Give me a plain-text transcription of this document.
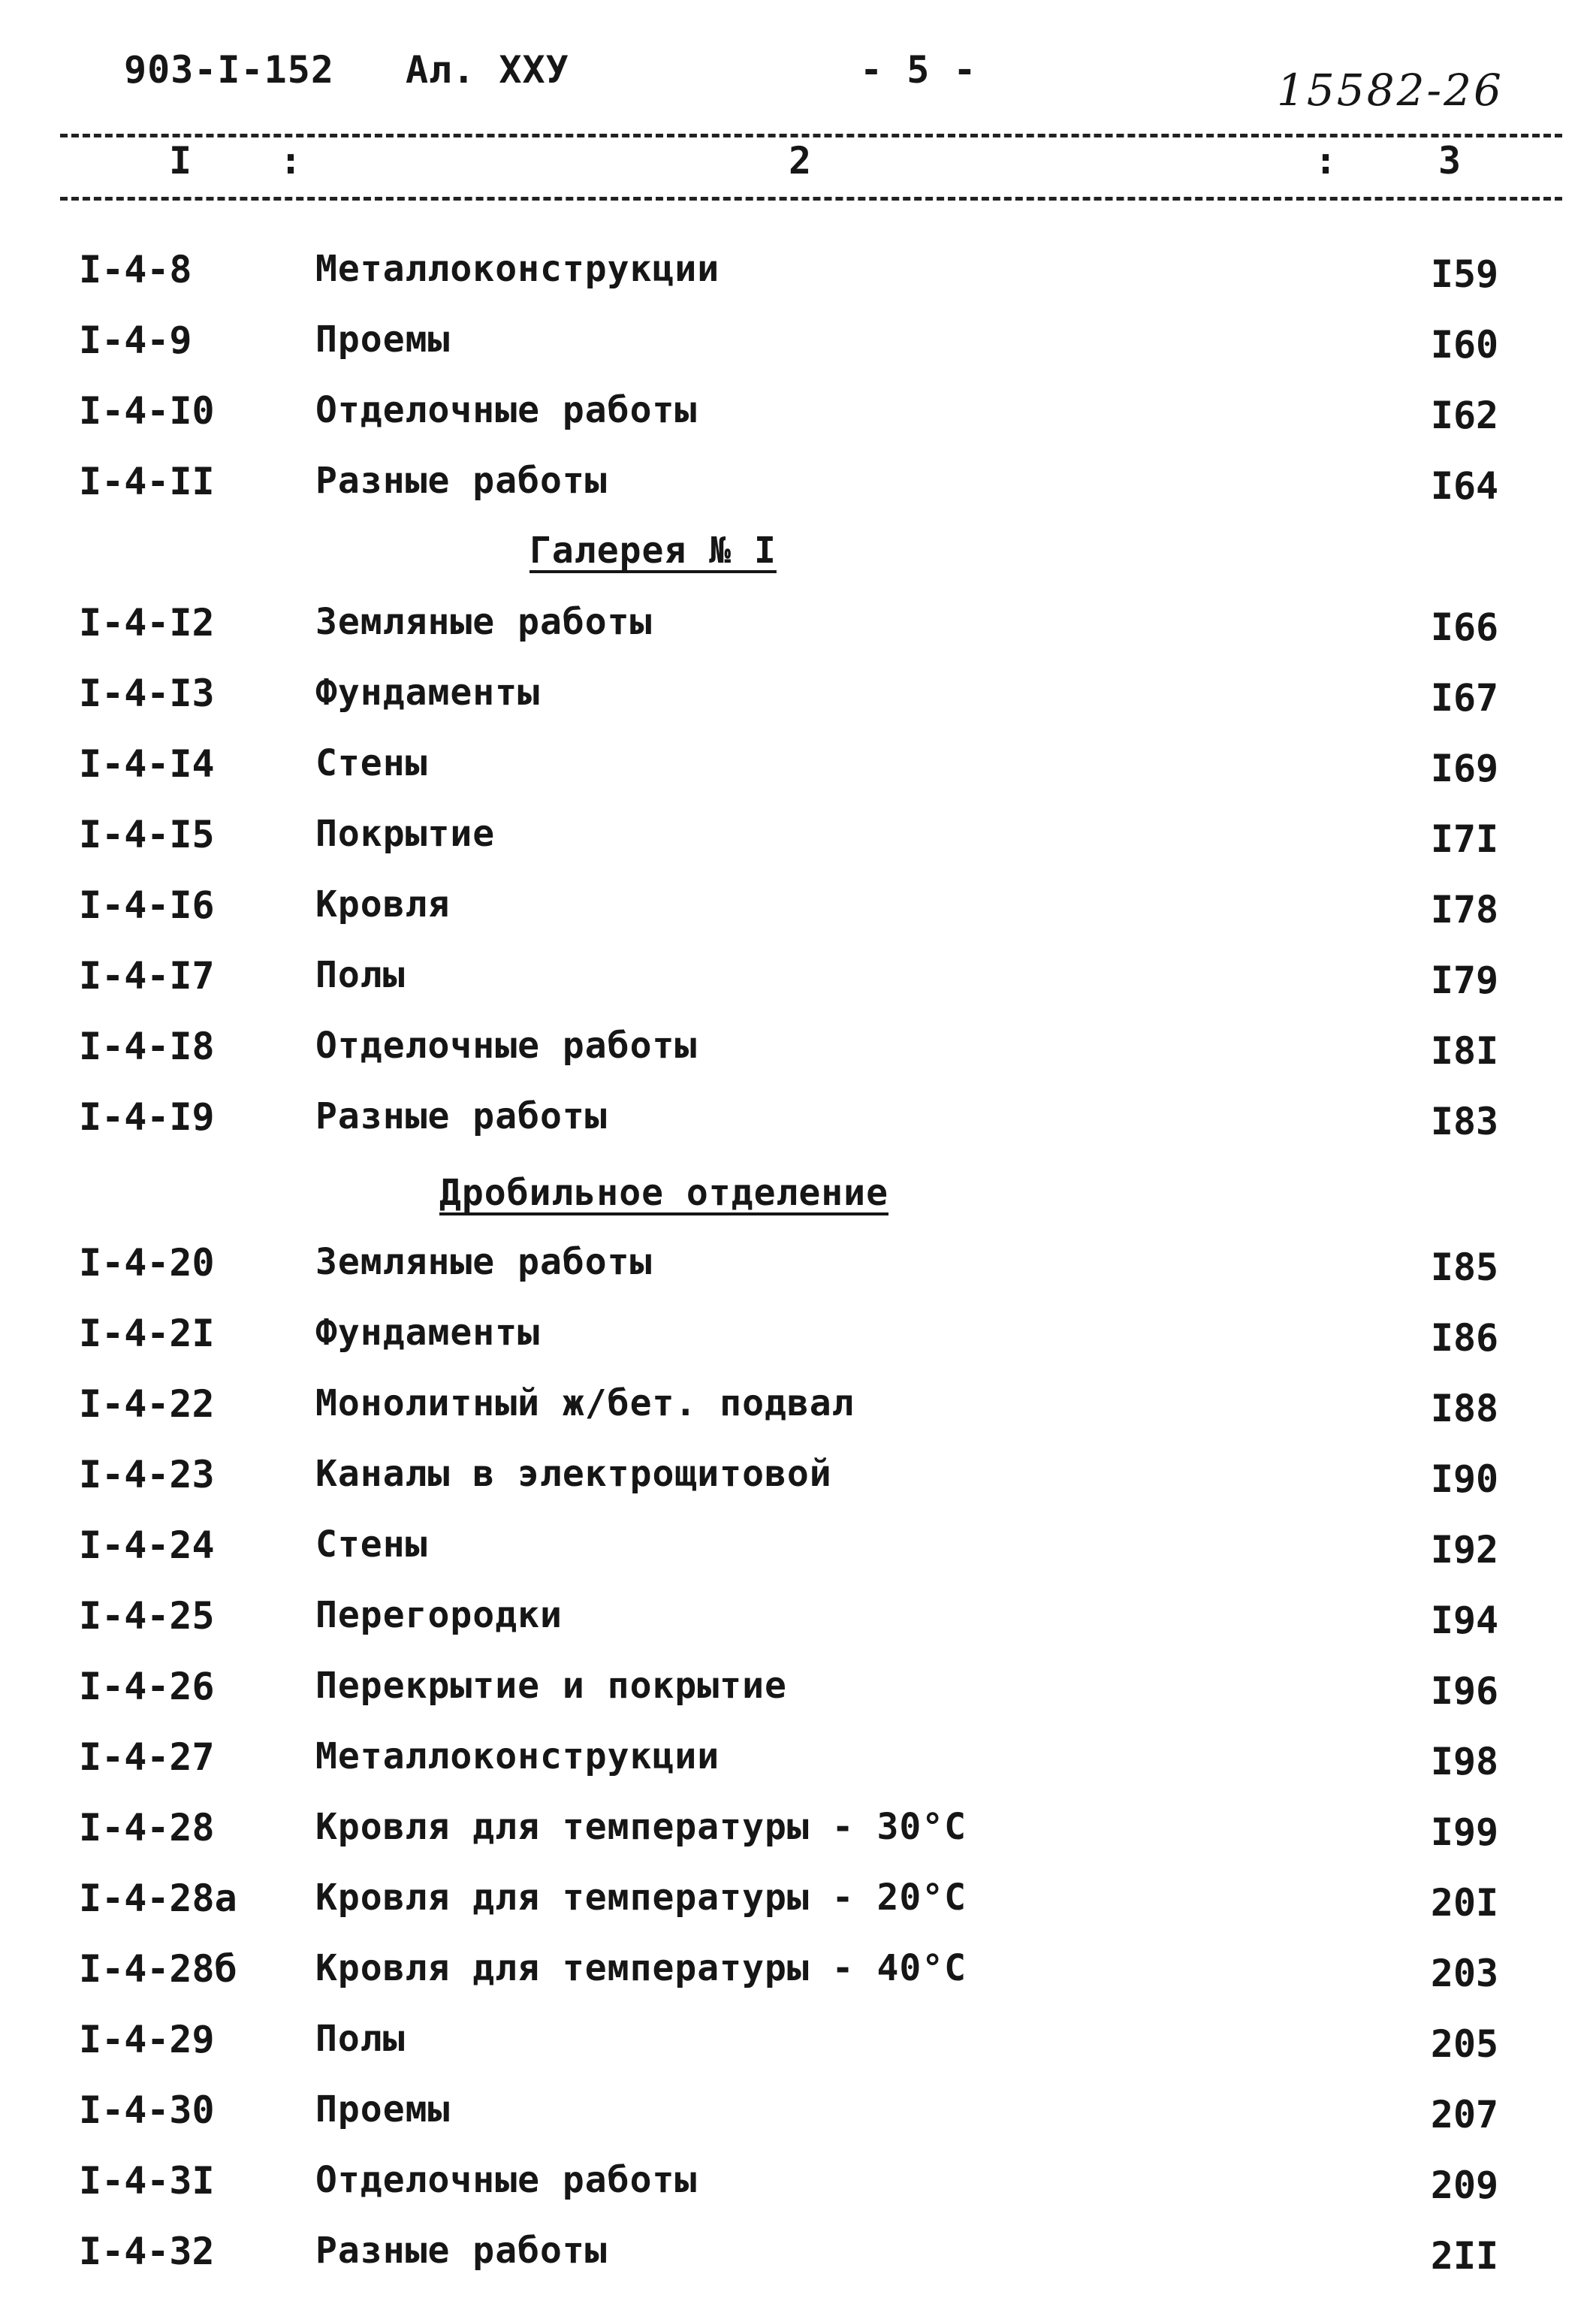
903-I-152 Ал. XXУ	- 5 -	15582-26
I :	2	:	3
I-4-8	Металлоконструкции	I59
I-4-9	Проемы	I60
I-4-I0	Отделочные работы	I62
I-4-II	Разные работы	I64
Галерея № I
I-4-I2	Земляные работы	I66
I-4-I3	Фундаменты	I67
I-4-I4	Стены	I69
I-4-I5	Покрытие	I7I
I-4-I6	Кровля	I78
I-4-I7	Полы	I79
I-4-I8	Отделочные работы	I8I
I-4-I9	Разные работы	I83
Дробильное отделение
I-4-20	Земляные работы	I85
I-4-2I	Фундаменты	I86
I-4-22	Монолитный ж/бет. подвал	I88
I-4-23	Каналы в электрощитовой	I90
I-4-24	Стены	I92
I-4-25	Перегородки	I94
I-4-26	Перекрытие и покрытие	I96
I-4-27	Металлоконструкции	I98
I-4-28	Кровля для температуры - 30°С	I99
I-4-28а Кровля для температуры - 20°С	20I
I-4-28б Кровля для температуры - 40°С	203
I-4-29	Полы	205
I-4-30	Проемы	207
I-4-3I	Отделочные работы	209
I-4-32	Разные работы	2II
